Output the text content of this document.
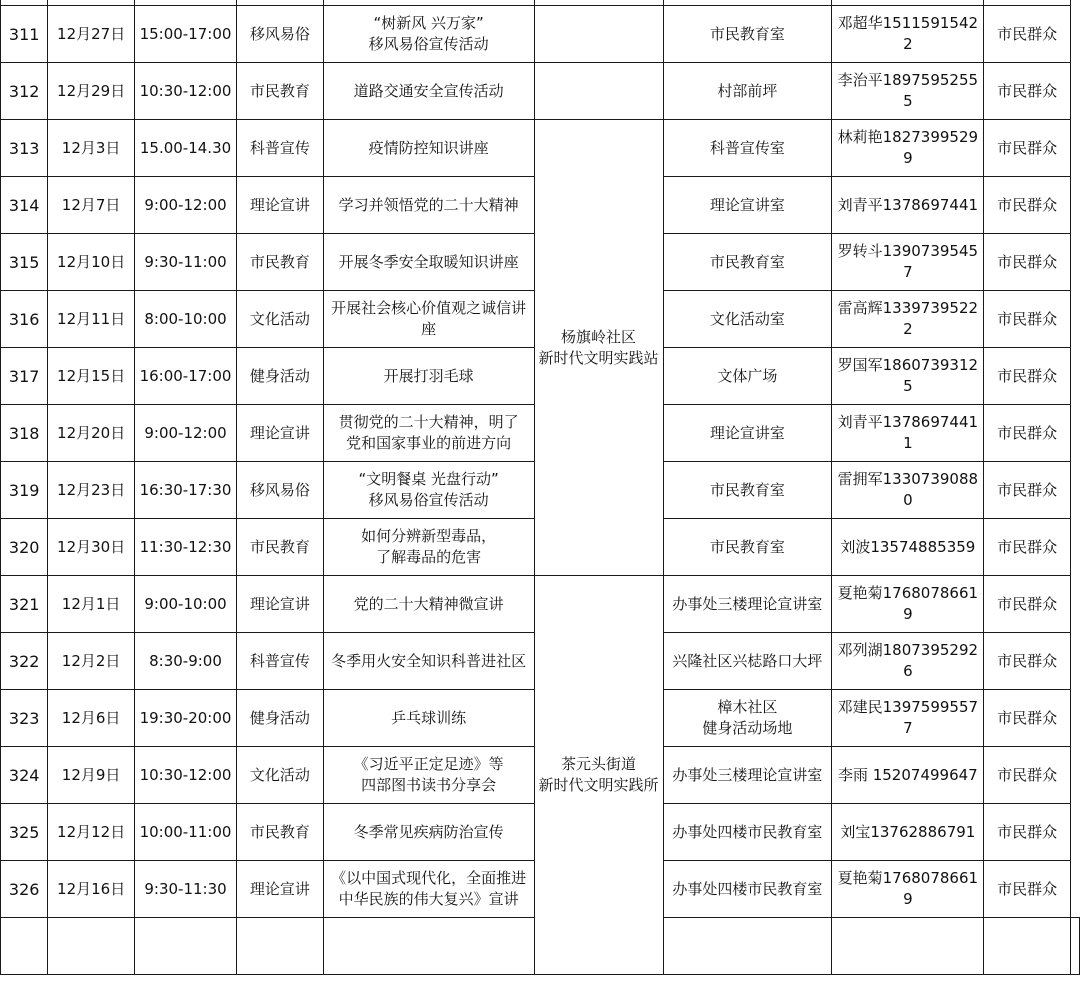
311	12月27日	15:00-17:00	移风易俗	“树新风 兴万家”
移风易俗宣传活动		市民教育室	邓超华15115915422	市民群众	
312	12月29日	10:30-12:00	市民教育	道路交通安全宣传活动		村部前坪	李治平18975952555	市民群众	
313	12月3日	15.00-14.30	科普宣传	疫情防控知识讲座	杨旗岭社区
新时代文明实践站	科普宣传室	林莉艳18273995299	市民群众	
314	12月7日	9:00-12:00	理论宣讲	学习并领悟党的二十大精神		理论宣讲室	刘青平1378697441	市民群众	
315	12月10日	9:30-11:00	市民教育	开展冬季安全取暖知识讲座		市民教育室	罗转斗13907395457	市民群众	
316	12月11日	8:00-10:00	文化活动	开展社会核心价值观之诚信讲
座		文化活动室	雷高辉13397395222	市民群众	
317	12月15日	16:00-17:00	健身活动	开展打羽毛球		文体广场	罗国军18607393125	市民群众	
318	12月20日	9:00-12:00	理论宣讲	贯彻党的二十大精神，明了
党和国家事业的前进方向		理论宣讲室	刘青平13786974411	市民群众	
319	12月23日	16:30-17:30	移风易俗	“文明餐桌 光盘行动”
移风易俗宣传活动		市民教育室	雷拥军13307390880	市民群众	
320	12月30日	11:30-12:30	市民教育	如何分辨新型毒品，
了解毒品的危害		市民教育室	刘波13574885359	市民群众	
321	12月1日	9:00-10:00	理论宣讲	党的二十大精神微宣讲	茶元头街道
新时代文明实践所	办事处三楼理论宣讲室	夏艳菊17680786619	市民群众	
322	12月2日	8:30-9:00	科普宣传	冬季用火安全知识科普进社区		兴隆社区兴梽路口大坪	邓列湖18073952926	市民群众	
323	12月6日	19:30-20:00	健身活动	乒乓球训练		樟木社区
健身活动场地	邓建民13975995577	市民群众	
324	12月9日	10:30-12:00	文化活动	《习近平正定足迹》等
四部图书读书分享会		办事处三楼理论宣讲室	李雨 15207499647	市民群众	
325	12月12日	10:00-11:00	市民教育	冬季常见疾病防治宣传		办事处四楼市民教育室	刘宝13762886791	市民群众	
326	12月16日	9:30-11:30	理论宣讲	《以中国式现代化，全面推进
中华民族的伟大复兴》宣讲		办事处四楼市民教育室	夏艳菊17680786619	市民群众	
